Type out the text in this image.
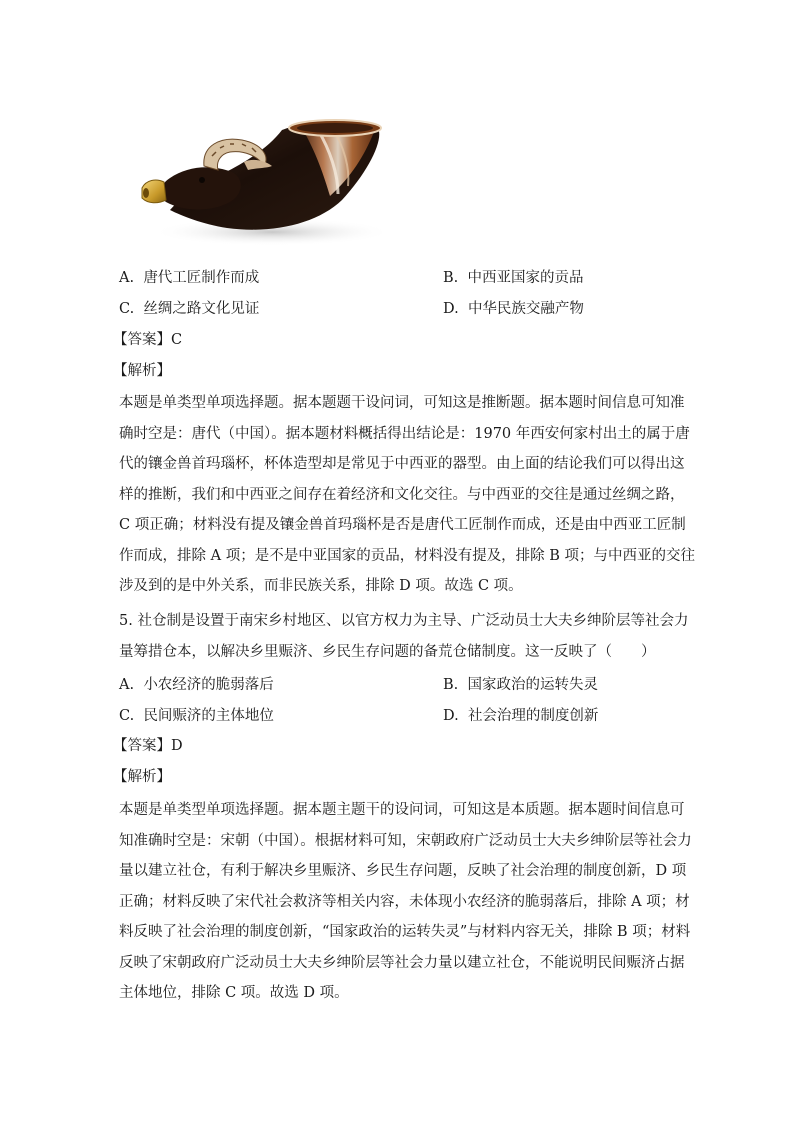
A. 唐代工匠制作而成	B. 中西亚国家的贡品
C. 丝绸之路文化见证	D. 中华民族交融产物
【答案】C
【解析】
本题是单类型单项选择题。据本题题干设问词，可知这是推断题。据本题时间信息可知准
确时空是：唐代（中国）。据本题材料概括得出结论是：1970 年西安何家村出土的属于唐
代的镶金兽首玛瑙杯，杯体造型却是常见于中西亚的器型。由上面的结论我们可以得出这
样的推断，我们和中西亚之间存在着经济和文化交往。与中西亚的交往是通过丝绸之路，
C 项正确；材料没有提及镶金兽首玛瑙杯是否是唐代工匠制作而成，还是由中西亚工匠制
作而成，排除 A 项；是不是中亚国家的贡品，材料没有提及，排除 B 项；与中西亚的交往
涉及到的是中外关系，而非民族关系，排除 D 项。故选 C 项。
5. 社仓制是设置于南宋乡村地区、以官方权力为主导、广泛动员士大夫乡绅阶层等社会力
量筹措仓本，以解决乡里赈济、乡民生存问题的备荒仓储制度。这一反映了（　　）
A. 小农经济的脆弱落后	B. 国家政治的运转失灵
C. 民间赈济的主体地位	D. 社会治理的制度创新
【答案】D
【解析】
本题是单类型单项选择题。据本题主题干的设问词，可知这是本质题。据本题时间信息可
知准确时空是：宋朝（中国）。根据材料可知，宋朝政府广泛动员士大夫乡绅阶层等社会力
量以建立社仓，有利于解决乡里赈济、乡民生存问题，反映了社会治理的制度创新，D 项
正确；材料反映了宋代社会救济等相关内容，未体现小农经济的脆弱落后，排除 A 项；材
料反映了社会治理的制度创新，“国家政治的运转失灵”与材料内容无关，排除 B 项；材料
反映了宋朝政府广泛动员士大夫乡绅阶层等社会力量以建立社仓，不能说明民间赈济占据
主体地位，排除 C 项。故选 D 项。
